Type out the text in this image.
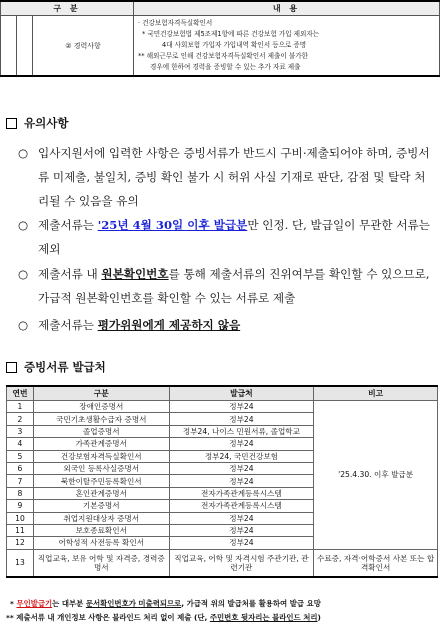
구 분			내 용
		② 경력사항	· 건강보험자격득실확인서
* 국민건강보험법 제5조제1항에 따른 건강보험 가입 제외자는
4대 사회보험 가입자 가입내역 확인서 등으로 증명
** 해외근무로 인해 건강보험자격득실확인서 제출이 불가한
경우에 한하여 경력을 증빙할 수 있는 추가 자료 제출
유의사항
○ 입사지원서에 입력한 사항은 증빙서류가 반드시 구비·제출되어야 하며, 증빙서류 미제출, 불일치, 증빙 확인 불가 시 허위 사실 기재로 판단, 감점 및 탈락 처리될 수 있음을 유의
○ 제출서류는 '25년 4월 30일 이후 발급분만 인정. 단, 발급일이 무관한 서류는 제외
○ 제출서류 내 원본확인번호를 통해 제출서류의 진위여부를 확인할 수 있으므로, 가급적 원본확인번호를 확인할 수 있는 서류로 제출
○ 제출서류는 평가위원에게 제공하지 않음
증빙서류 발급처
연번	구분	발급처	비고
1	장애인증명서	정부24	'25.4.30. 이후 발급분
2	국민기초생활수급자 증명서	정부24	
3	졸업증명서	정부24, 나이스 민원서류, 졸업학교	
4	가족관계증명서	정부24	
5	건강보험자격득실확인서	정부24, 국민건강보험	
6	외국인 등록사실증명서	정부24	
7	북한이탈주민등록확인서	정부24	
8	혼인관계증명서	전자가족관계등록시스템	
9	기본증명서	전자가족관계등록시스템	
10	취업지원대상자 증명서	정부24	
11	보호종료확인서	정부24	
12	어학성적 사전등록 확인서	정부24	
13	직업교육, 보유 어학 및 자격증, 경력증명서	직업교육, 어학 및 자격시험 주관기관, 관련기관	수료증, 자격·어학증서 사본 또는 합격확인서
* 무인발급기는 대부분 문서확인번호가 미출력되므로, 가급적 위의 발급처를 활용하여 발급 요망
** 제출서류 내 개인정보 사항은 블라인드 처리 없이 제출 (단, 주민번호 뒷자리는 블라인드 처리)
